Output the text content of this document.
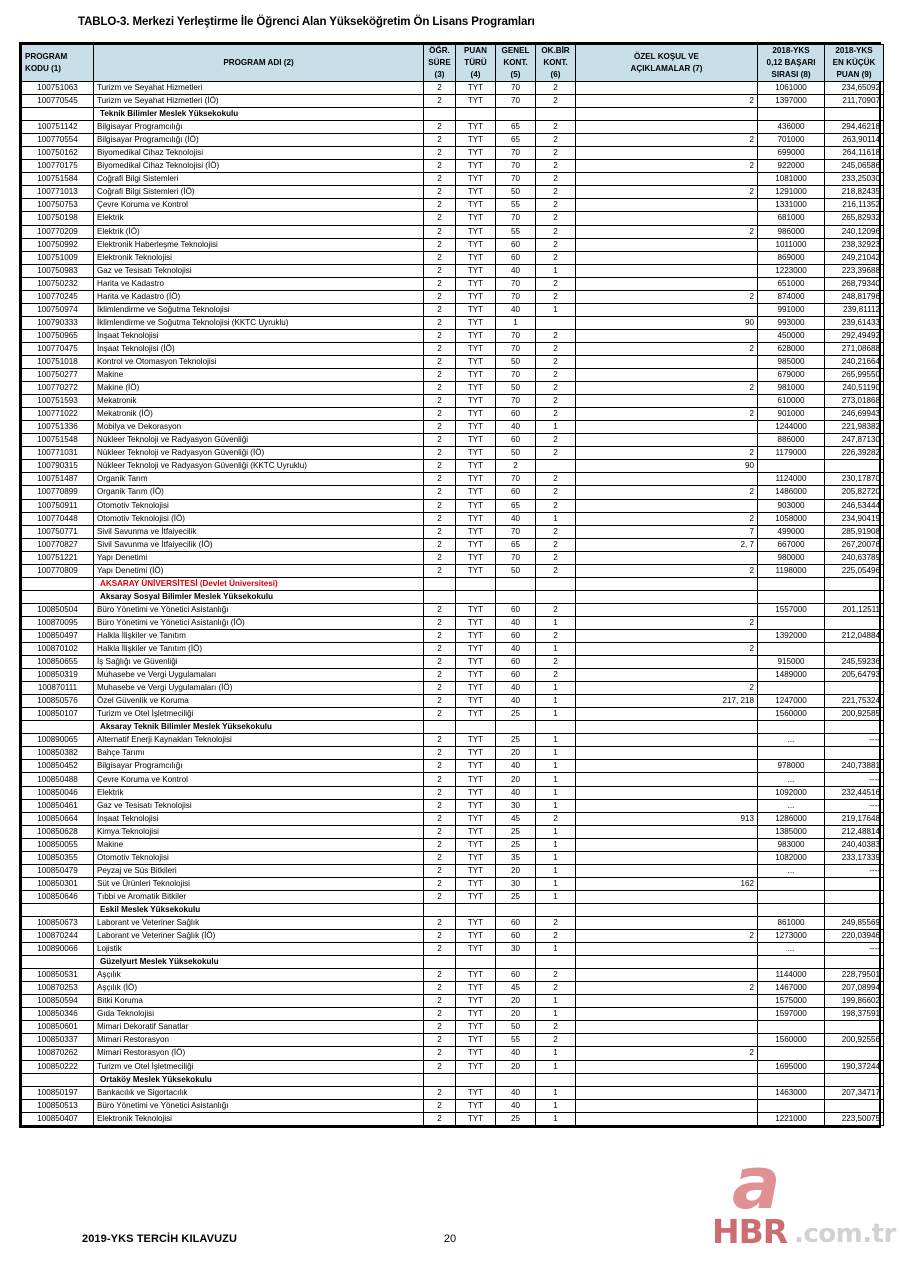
TABLO-3. Merkezi Yerleştirme İle Öğrenci Alan Yükseköğretim Ön Lisans Programları
PROGRAM
KODU (1)

PROGRAM ADI (2)

ÖĞR.
SÜRE
(3)

PUAN
TÜRÜ
(4)

GENEL
KONT.
(5)

OK.BİR
KONT.
(6)

ÖZEL KOŞUL VE
AÇIKLAMALAR (7)

2018-YKS
0,12 BAŞARI
SIRASI (8)

2018-YKS
EN KÜÇÜK
PUAN (9)

100751063	Turizm ve Seyahat Hizmetleri	2	TYT	70	2		1061000	234,65092
100770545	Turizm ve Seyahat Hizmetleri (İÖ)	2	TYT	70	2	2	1397000	211,70907
	Teknik Bilimler Meslek Yüksekokulu							
100751142	Bilgisayar Programcılığı	2	TYT	65	2		436000	294,46218
100770554	Bilgisayar Programcılığı (İÖ)	2	TYT	65	2	2	701000	263,90114
100750162	Biyomedikal Cihaz Teknolojisi	2	TYT	70	2		699000	264,11618
100770175	Biyomedikal Cihaz Teknolojisi (İÖ)	2	TYT	70	2	2	922000	245,06586
100751584	Coğrafi Bilgi Sistemleri	2	TYT	70	2		1081000	233,25030
100771013	Coğrafi Bilgi Sistemleri (İÖ)	2	TYT	50	2	2	1291000	218,82435
100750753	Çevre Koruma ve Kontrol	2	TYT	55	2		1331000	216,11352
100750198	Elektrik	2	TYT	70	2		681000	265,82932
100770209	Elektrik (İÖ)	2	TYT	55	2	2	986000	240,12096
100750992	Elektronik Haberleşme Teknolojisi	2	TYT	60	2		1011000	238,32923
100751009	Elektronik Teknolojisi	2	TYT	60	2		869000	249,21042
100750983	Gaz ve Tesisatı Teknolojisi	2	TYT	40	1		1223000	223,39688
100750232	Harita ve Kadastro	2	TYT	70	2		651000	268,79340
100770245	Harita ve Kadastro (İÖ)	2	TYT	70	2	2	874000	248,81796
100750974	İklimlendirme ve Soğutma Teknolojisi	2	TYT	40	1		991000	239,81112
100790333	İklimlendirme ve Soğutma Teknolojisi (KKTC Uyruklu)	2	TYT	1		90	993000	239,61433
100750965	İnşaat Teknolojisi	2	TYT	70	2		450000	292,49492
100770475	İnşaat Teknolojisi (İÖ)	2	TYT	70	2	2	628000	271,08688
100751018	Kontrol ve Otomasyon Teknolojisi	2	TYT	50	2		985000	240,21664
100750277	Makine	2	TYT	70	2		679000	265,99550
100770272	Makine (İÖ)	2	TYT	50	2	2	981000	240,51190
100751593	Mekatronik	2	TYT	70	2		610000	273,01868
100771022	Mekatronik (İÖ)	2	TYT	60	2	2	901000	246,69943
100751336	Mobilya ve Dekorasyon	2	TYT	40	1		1244000	221,98382
100751548	Nükleer Teknoloji ve Radyasyon Güvenliği	2	TYT	60	2		886000	247,87130
100771031	Nükleer Teknoloji ve Radyasyon Güvenliği (İÖ)	2	TYT	50	2	2	1179000	226,39282
100790315	Nükleer Teknoloji ve Radyasyon Güvenliği (KKTC Uyruklu)	2	TYT	2		90		
100751487	Organik Tarım	2	TYT	70	2		1124000	230,17870
100770899	Organik Tarım (İÖ)	2	TYT	60	2	2	1486000	205,82720
100750911	Otomotiv Teknolojisi	2	TYT	65	2		903000	246,53444
100770448	Otomotiv Teknolojisi (İÖ)	2	TYT	40	1	2	1058000	234,90419
100750771	Sivil Savunma ve İtfaiyecilik	2	TYT	70	2	7	499000	285,91908
100770827	Sivil Savunma ve İtfaiyecilik (İÖ)	2	TYT	65	2	2, 7	667000	267,20076
100751221	Yapı Denetimi	2	TYT	70	2		980000	240,63789
100770809	Yapı Denetimi (İÖ)	2	TYT	50	2	2	1198000	225,05496
	AKSARAY ÜNİVERSİTESİ (Devlet Üniversitesi)							
	Aksaray Sosyal Bilimler Meslek Yüksekokulu							
100850504	Büro Yönetimi ve Yönetici Asistanlığı	2	TYT	60	2		1557000	201,12511
100870095	Büro Yönetimi ve Yönetici Asistanlığı (İÖ)	2	TYT	40	1	2		
100850497	Halkla İlişkiler ve Tanıtım	2	TYT	60	2		1392000	212,04884
100870102	Halkla İlişkiler ve Tanıtım (İÖ)	2	TYT	40	1	2		
100850655	İş Sağlığı ve Güvenliği	2	TYT	60	2		915000	245,59236
100850319	Muhasebe ve Vergi Uygulamaları	2	TYT	60	2		1489000	205,64793
100870111	Muhasebe ve Vergi Uygulamaları (İÖ)	2	TYT	40	1	2		
100850576	Özel Güvenlik ve Koruma	2	TYT	40	1	217, 218	1247000	221,75324
100850107	Turizm ve Otel İşletmeciliği	2	TYT	25	1		1560000	200,92585
	Aksaray Teknik Bilimler Meslek Yüksekokulu							
100890065	Alternatif Enerji Kaynakları Teknolojisi	2	TYT	25	1		...	----
100850382	Bahçe Tarımı	2	TYT	20	1			
100850452	Bilgisayar Programcılığı	2	TYT	40	1		978000	240,73881
100850488	Çevre Koruma ve Kontrol	2	TYT	20	1		...	----
100850046	Elektrik	2	TYT	40	1		1092000	232,44516
100850461	Gaz ve Tesisatı Teknolojisi	2	TYT	30	1		...	----
100850664	İnşaat Teknolojisi	2	TYT	45	2	913	1286000	219,17648
100850628	Kimya Teknolojisi	2	TYT	25	1		1385000	212,48814
100850055	Makine	2	TYT	25	1		983000	240,40383
100850355	Otomotiv Teknolojisi	2	TYT	35	1		1082000	233,17339
100850479	Peyzaj ve Süs Bitkileri	2	TYT	20	1		...	----
100850301	Süt ve Ürünleri Teknolojisi	2	TYT	30	1	162		
100850646	Tıbbi ve Aromatik Bitkiler	2	TYT	25	1			
	Eskil Meslek Yüksekokulu							
100850673	Laborant ve Veteriner Sağlık	2	TYT	60	2		861000	249,85569
100870244	Laborant ve Veteriner Sağlık (İÖ)	2	TYT	60	2	2	1273000	220,03946
100890066	Lojistik	2	TYT	30	1		...	----
	Güzelyurt Meslek Yüksekokulu							
100850531	Aşçılık	2	TYT	60	2		1144000	228,79501
100870253	Aşçılık (İÖ)	2	TYT	45	2	2	1467000	207,08994
100850594	Bitki Koruma	2	TYT	20	1		1575000	199,86602
100850346	Gıda Teknolojisi	2	TYT	20	1		1597000	198,37591
100850601	Mimari Dekoratif Sanatlar	2	TYT	50	2			
100850337	Mimari Restorasyon	2	TYT	55	2		1560000	200,92556
100870262	Mimari Restorasyon (İÖ)	2	TYT	40	1	2		
100850222	Turizm ve Otel İşletmeciliği	2	TYT	20	1		1695000	190,37244
	Ortaköy Meslek Yüksekokulu							
100850197	Bankacılık ve Sigortacılık	2	TYT	40	1		1463000	207,34717
100850513	Büro Yönetimi ve Yönetici Asistanlığı	2	TYT	40	1			
100850407	Elektronik Teknolojisi	2	TYT	25	1		1221000	223,50075
2019-YKS TERCİH KILAVUZU	20
a
HBR .com.tr
